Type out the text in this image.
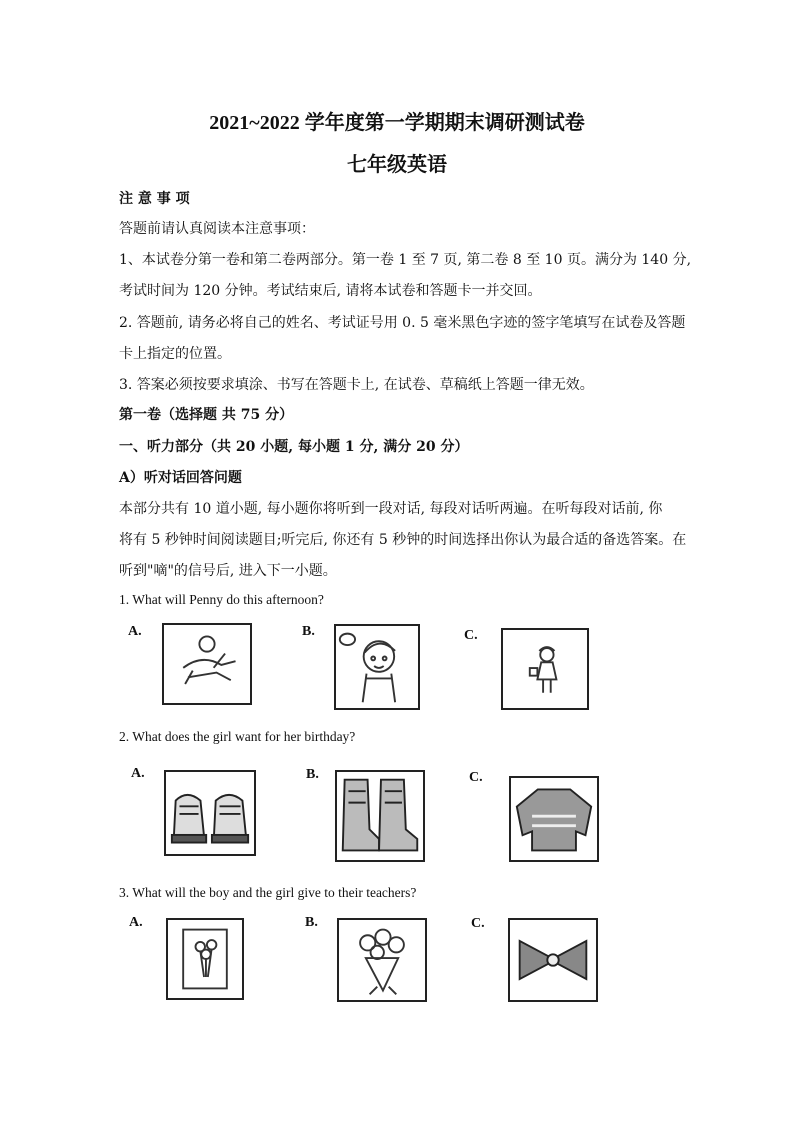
2021~2022 学年度第一学期期末调研测试卷
七年级英语
注 意 事 项
答题前请认真阅读本注意事项：
1、本试卷分第一卷和第二卷两部分。第一卷 1 至 7 页, 第二卷 8 至 10 页。满分为 140 分,
考试时间为 120 分钟。考试结束后, 请将本试卷和答题卡一并交回。
2. 答题前, 请务必将自己的姓名、考试证号用 0. 5 毫米黑色字迹的签字笔填写在试卷及答题
卡上指定的位置。
3. 答案必须按要求填涂、书写在答题卡上, 在试卷、草稿纸上答题一律无效。
第一卷（选择题 共 75 分）
一、听力部分（共 20 小题, 每小题 1 分, 满分 20 分）
A）听对话回答问题
本部分共有 10 道小题, 每小题你将听到一段对话, 每段对话听两遍。在听每段对话前, 你
将有 5 秒钟时间阅读题目;听完后, 你还有 5 秒钟的时间选择出你认为最合适的备选答案。在
听到"嘀"的信号后, 进入下一小题。
1. What will Penny do this afternoon?
A.	B.	C.
2. What does the girl want for her birthday?
A.	B.	C.
3. What will the boy and the girl give to their teachers?
A.	B.	C.
